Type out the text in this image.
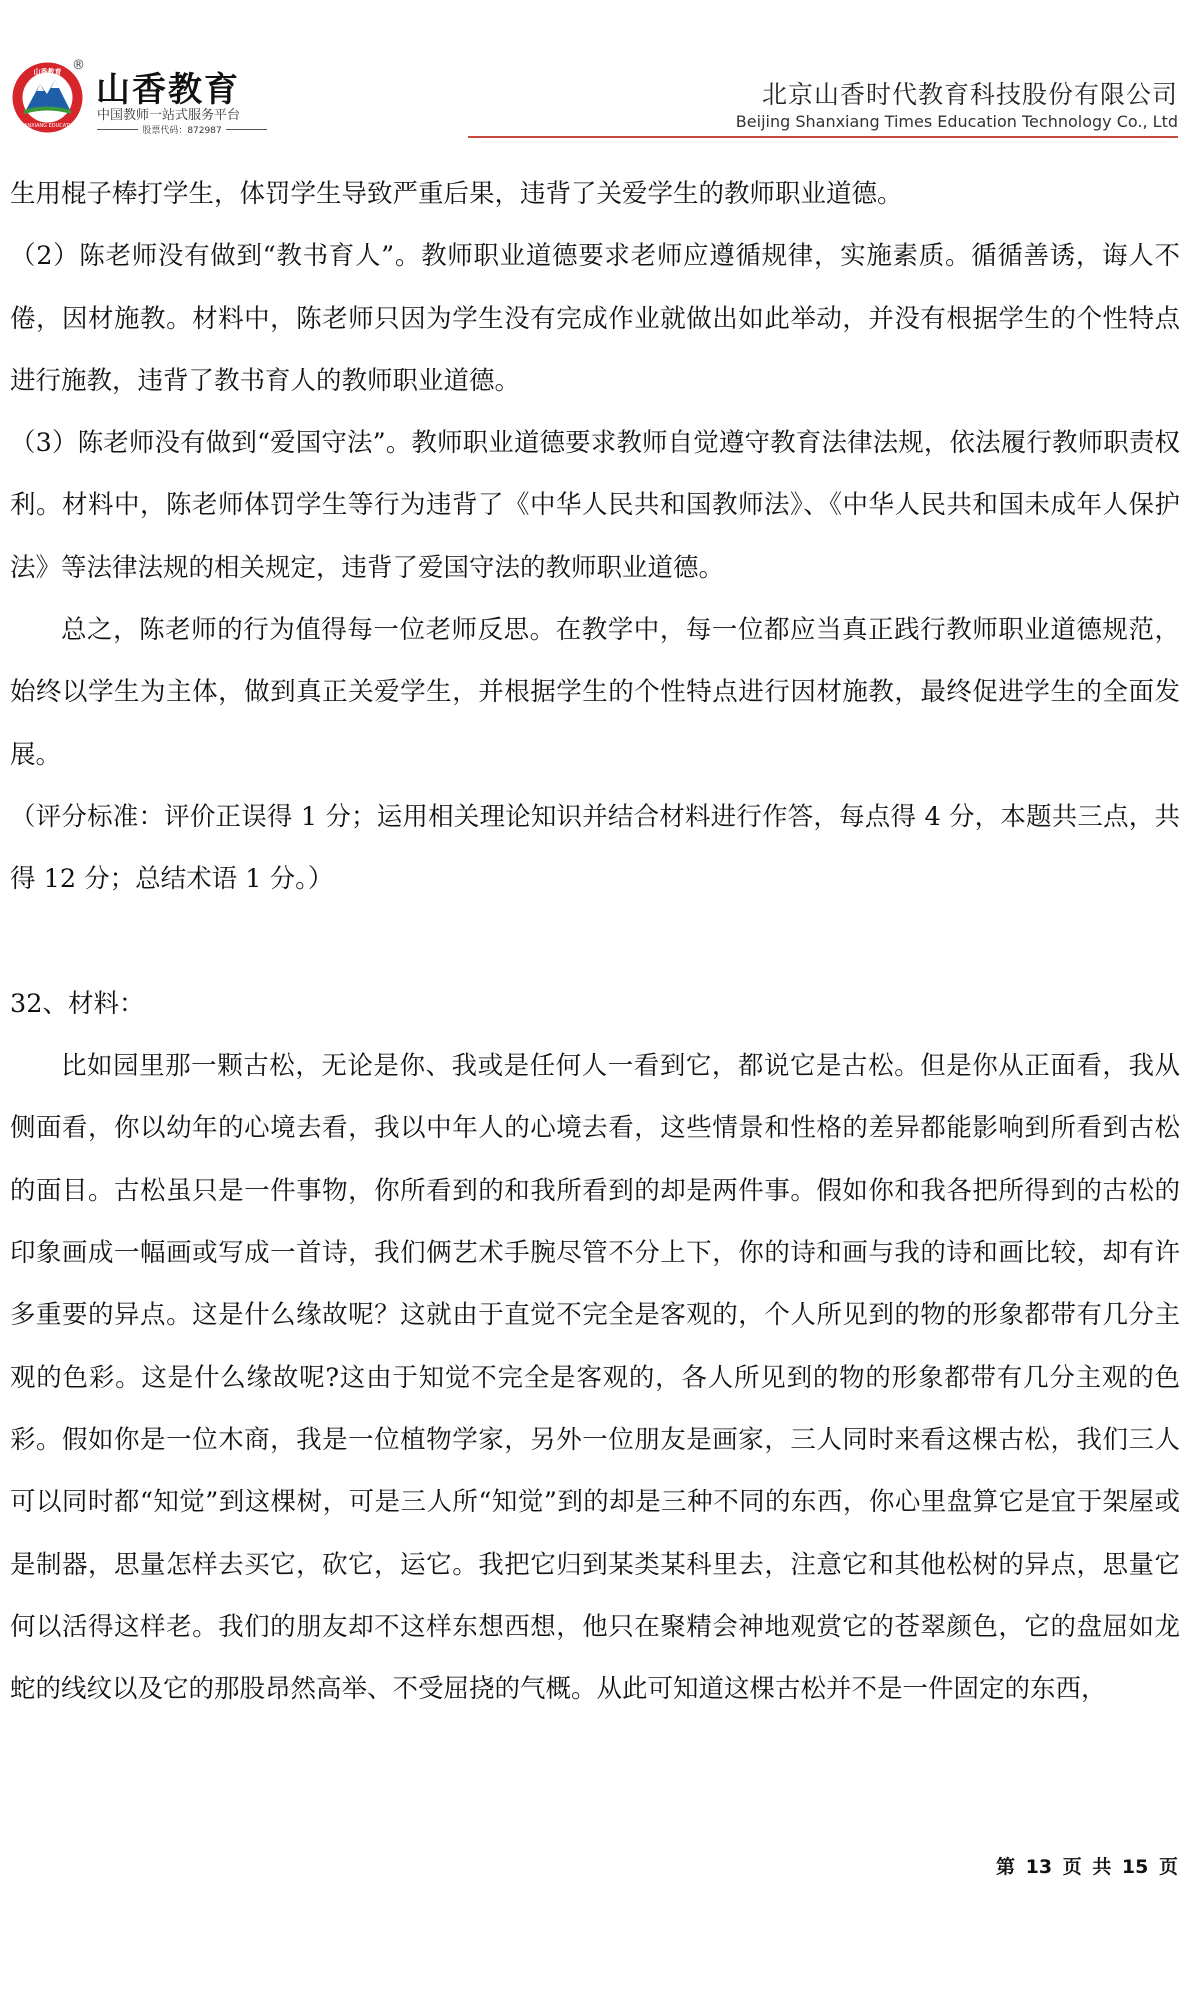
山香教育
SHANXIANG EDUCATION
®
山香教育
中国教师一站式服务平台
股票代码：872987
北京山香时代教育科技股份有限公司
Beijing Shanxiang Times Education Technology Co., Ltd

生用棍子棒打学生，体罚学生导致严重后果，违背了关爱学生的教师职业道德。

（2）陈老师没有做到“教书育人”。教师职业道德要求老师应遵循规律，实施素质。循循善诱，诲人不倦，因材施教。材料中，陈老师只因为学生没有完成作业就做出如此举动，并没有根据学生的个性特点进行施教，违背了教书育人的教师职业道德。

（3）陈老师没有做到“爱国守法”。教师职业道德要求教师自觉遵守教育法律法规，依法履行教师职责权利。材料中，陈老师体罚学生等行为违背了《中华人民共和国教师法》、《中华人民共和国未成年人保护法》等法律法规的相关规定，违背了爱国守法的教师职业道德。

总之，陈老师的行为值得每一位老师反思。在教学中，每一位都应当真正践行教师职业道德规范，始终以学生为主体，做到真正关爱学生，并根据学生的个性特点进行因材施教，最终促进学生的全面发展。

（评分标准：评价正误得 1 分；运用相关理论知识并结合材料进行作答，每点得 4 分，本题共三点，共得 12 分；总结术语 1 分。）

32、材料：

比如园里那一颗古松，无论是你、我或是任何人一看到它，都说它是古松。但是你从正面看，我从侧面看，你以幼年的心境去看，我以中年人的心境去看，这些情景和性格的差异都能影响到所看到古松的面目。古松虽只是一件事物，你所看到的和我所看到的却是两件事。假如你和我各把所得到的古松的印象画成一幅画或写成一首诗，我们俩艺术手腕尽管不分上下，你的诗和画与我的诗和画比较，却有许多重要的异点。这是什么缘故呢？这就由于直觉不完全是客观的，个人所见到的物的形象都带有几分主观的色彩。这是什么缘故呢?这由于知觉不完全是客观的，各人所见到的物的形象都带有几分主观的色彩。假如你是一位木商，我是一位植物学家，另外一位朋友是画家，三人同时来看这棵古松，我们三人可以同时都“知觉”到这棵树，可是三人所“知觉”到的却是三种不同的东西，你心里盘算它是宜于架屋或是制器，思量怎样去买它，砍它，运它。我把它归到某类某科里去，注意它和其他松树的异点，思量它何以活得这样老。我们的朋友却不这样东想西想，他只在聚精会神地观赏它的苍翠颜色，它的盘屈如龙蛇的线纹以及它的那股昂然高举、不受屈挠的气概。从此可知道这棵古松并不是一件固定的东西，

第 13 页 共 15 页
